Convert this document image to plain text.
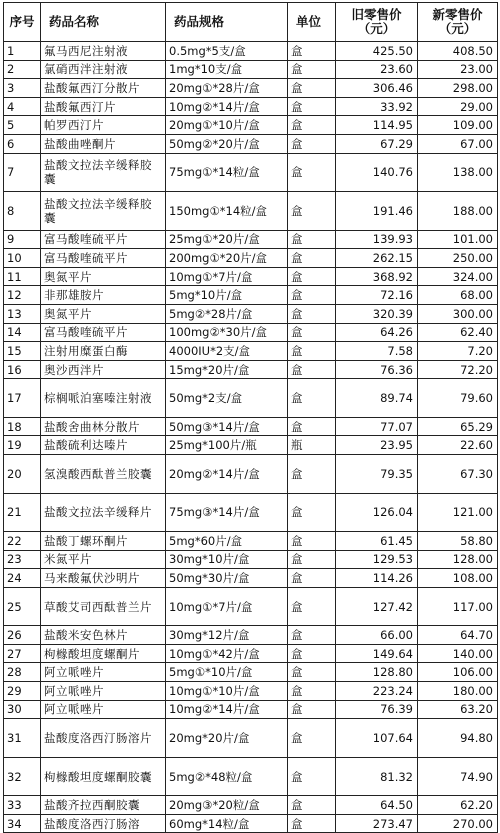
序号	药品名称	药品规格	单位	旧零售价（元）	新零售价（元）
1	氟马西尼注射液	0.5mg*5支/盒	盒	425.50	408.50
2	氯硝西泮注射液	1mg*10支/盒	盒	23.60	23.00
3	盐酸氟西汀分散片	20mg①*28片/盒	盒	306.46	298.00
4	盐酸氟西汀片	10mg②*14片/盒	盒	33.92	29.00
5	帕罗西汀片	20mg①*10片/盒	盒	114.95	109.00
6	盐酸曲唑酮片	50mg②*20片/盒	盒	67.29	67.00
7	盐酸文拉法辛缓释胶囊	75mg①*14粒/盒	盒	140.76	138.00
8	盐酸文拉法辛缓释胶囊	150mg①*14粒/盒	盒	191.46	188.00
9	富马酸喹硫平片	25mg①*20片/盒	盒	139.93	101.00
10	富马酸喹硫平片	200mg①*20片/盒	盒	262.15	250.00
11	奥氮平片	10mg①*7片/盒	盒	368.92	324.00
12	非那雄胺片	5mg*10片/盒	盒	72.16	68.00
13	奥氮平片	5mg②*28片/盒	盒	320.39	300.00
14	富马酸喹硫平片	100mg②*30片/盒	盒	64.26	62.40
15	注射用糜蛋白酶	4000IU*2支/盒	盒	7.58	7.20
16	奥沙西泮片	15mg*20片/盒	盒	76.36	72.20
17	棕榈哌泊塞嗪注射液	50mg*2支/盒	盒	89.74	79.60
18	盐酸舍曲林分散片	50mg③*14片/盒	盒	77.07	65.29
19	盐酸硫利达嗪片	25mg*100片/瓶	瓶	23.95	22.60
20	氢溴酸西酞普兰胶囊	20mg②*14片/盒	盒	79.35	67.30
21	盐酸文拉法辛缓释片	75mg③*14片/盒	盒	126.04	121.00
22	盐酸丁螺环酮片	5mg*60片/盒	盒	61.45	58.80
23	米氮平片	30mg*10片/盒	盒	129.53	128.00
24	马来酸氟伏沙明片	50mg*30片/盒	盒	114.26	108.00
25	草酸艾司西酞普兰片	10mg①*7片/盒	盒	127.42	117.00
26	盐酸米安色林片	30mg*12片/盒	盒	66.00	64.70
27	枸橼酸坦度螺酮片	10mg①*42片/盒	盒	149.64	140.00
28	阿立哌唑片	5mg①*10片/盒	盒	128.80	106.00
29	阿立哌唑片	10mg①*10片/盒	盒	223.24	180.00
30	阿立哌唑片	10mg②*14片/盒	盒	76.39	63.20
31	盐酸度洛西汀肠溶片	20mg*20片/盒	盒	107.64	94.80
32	枸橼酸坦度螺酮胶囊	5mg②*48粒/盒	盒	81.32	74.90
33	盐酸齐拉西酮胶囊	20mg③*20粒/盒	盒	64.50	62.20
34	盐酸度洛西汀肠溶	60mg*14粒/盒	盒	273.47	270.00
